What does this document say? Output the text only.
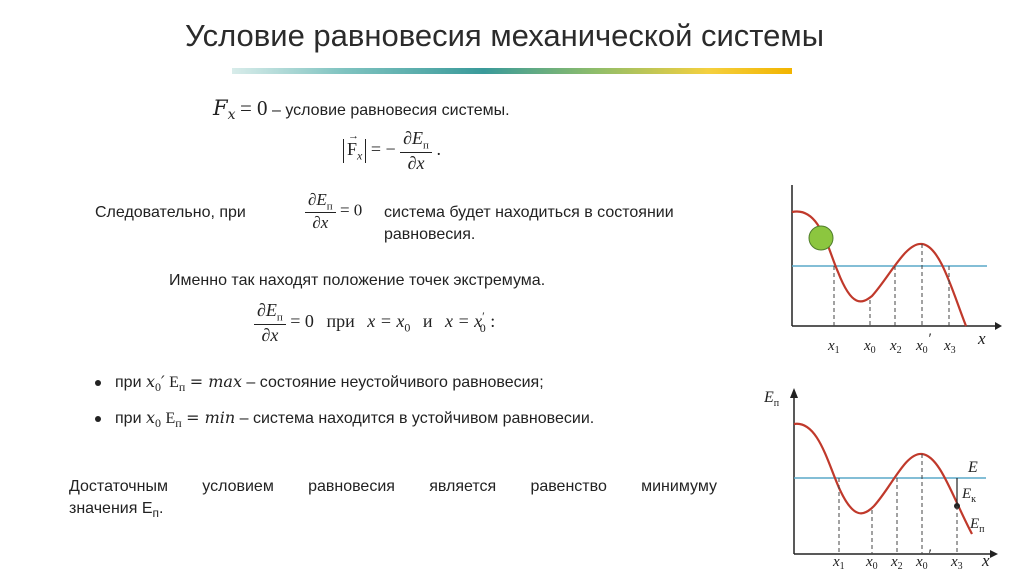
Условие равновесия механической системы
$F_x = 0$ – условие равновесия системы.
→
$F_x$ = − $\frac{\partial E_п}{\partial x}$ .
Следовательно, при	$\frac{\partial E_п}{\partial x} = 0$ система будет находиться в состоянии
равновесия.
Именно так находят положение точек экстремума.
$\frac{\partial E_п}{\partial x} = 0$ при $x = x_0$ и $x = x'_0$ :
при $x_0'$ $E_п = \max$ – состояние неустойчивого равновесия;
при $x_0$ $E_п = \min$ – система находится в устойчивом равновесии.
Достаточным условием равновесия является равенство минимуму
значения $E_п$.
$x_1$ $x_0$ $x_2$ $x_0'$ $x_3$
x
$E_п$
E
$E_к$
$E_п$
$x_1$ $x_0$ $x_2$ $x_0'$ $x_3$ x
